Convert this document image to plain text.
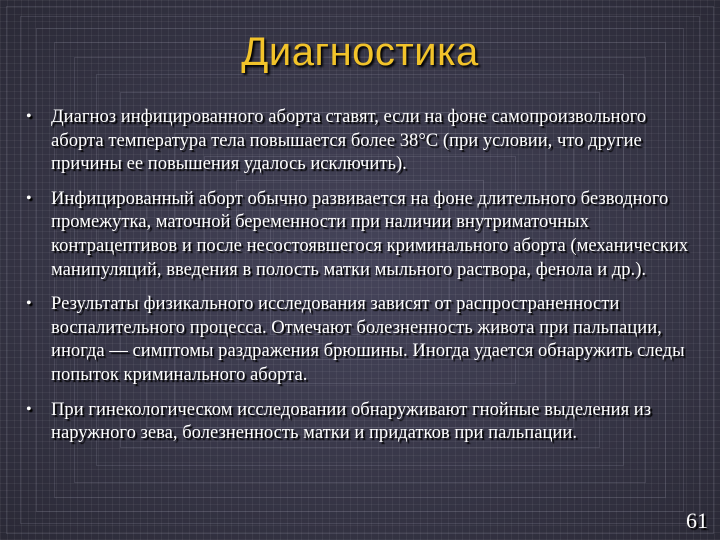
Диагностика
• Диагноз инфицированного аборта ставят, если на фоне самопроизвольного аборта температура тела повышается более 38°С (при условии, что другие причины ее повышения удалось исключить).
• Инфицированный аборт обычно развивается на фоне длительного безводного промежутка, маточной беременности при наличии внутриматочных контрацептивов и после несостоявшегося криминального аборта (механических манипуляций, введения в полость матки мыльного раствора, фенола и др.).
• Результаты физикального исследования зависят от распространенности воспалительного процесса. Отмечают болезненность живота при пальпации, иногда — симптомы раздражения брюшины. Иногда удается обнаружить следы попыток криминального аборта.
• При гинекологическом исследовании обнаруживают гнойные выделения из наружного зева, болезненность матки и придатков при пальпации.
61
